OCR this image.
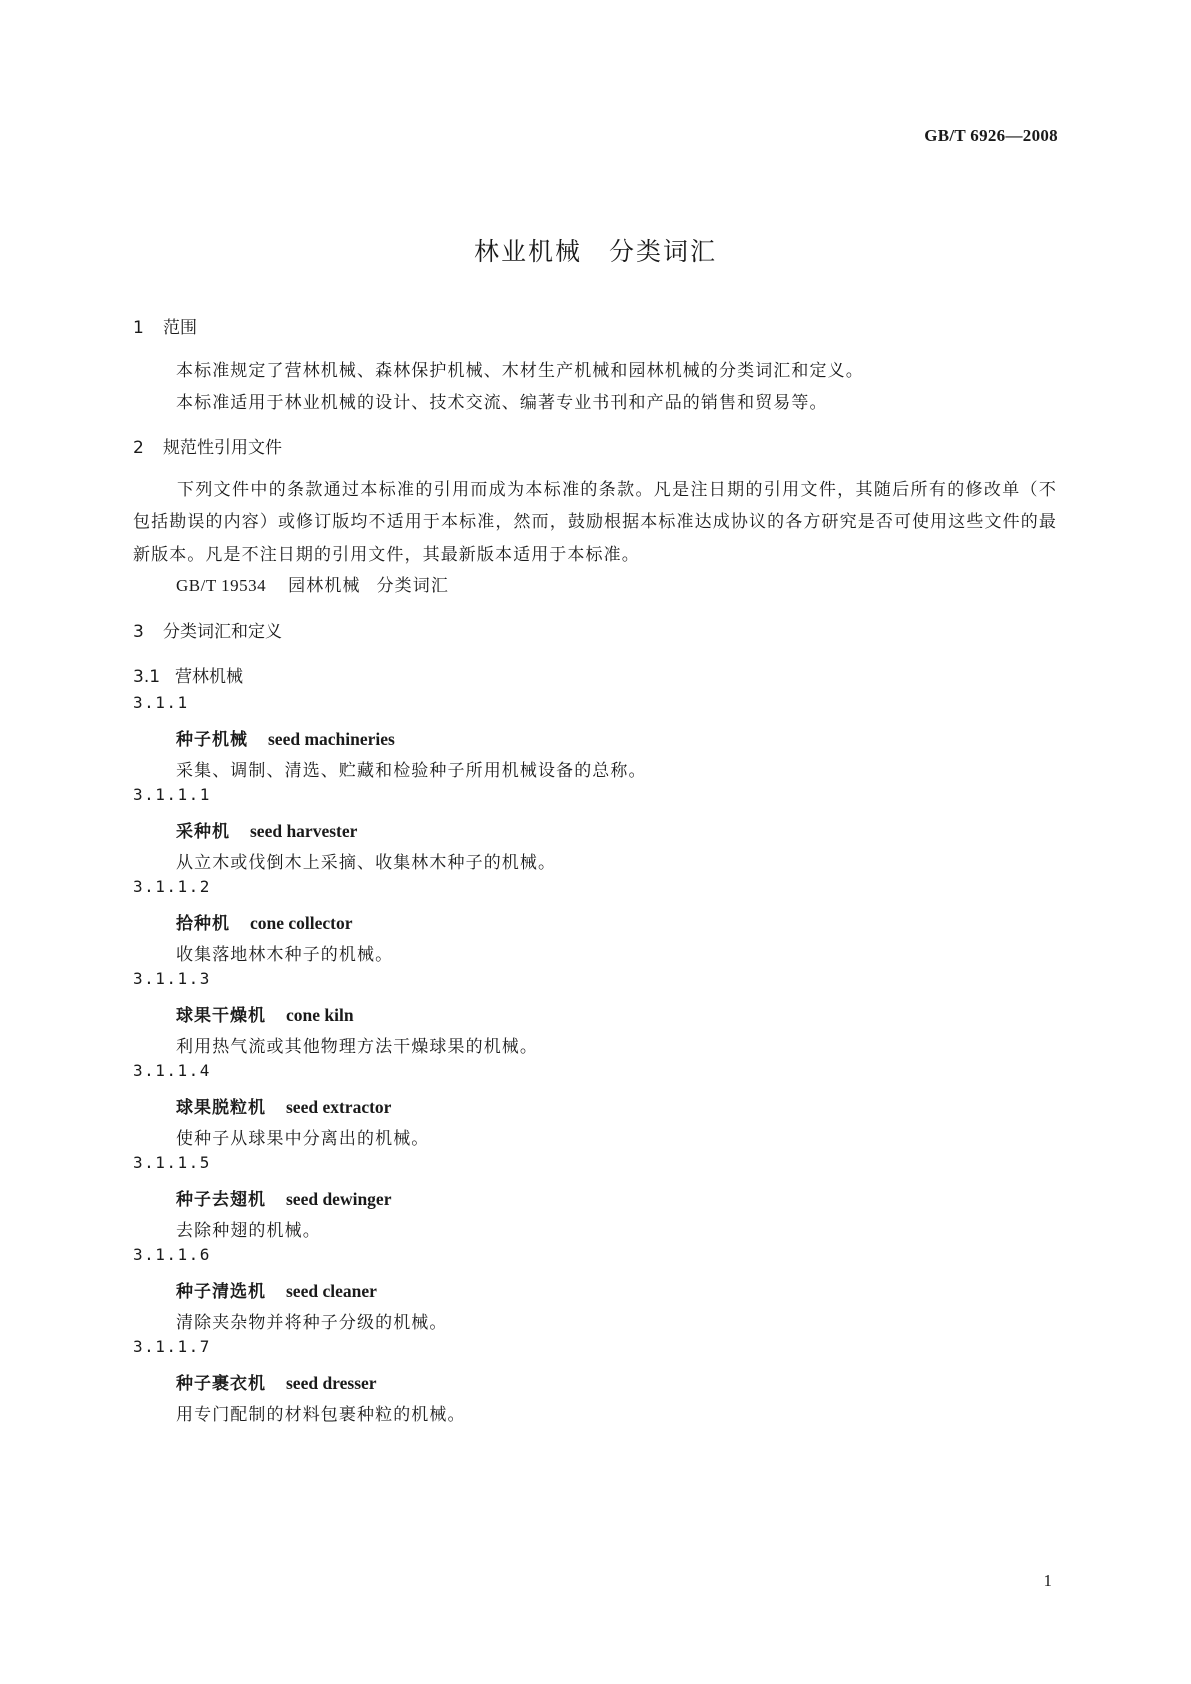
GB/T 6926—2008
林业机械　分类词汇
1 范围
本标准规定了营林机械、森林保护机械、木材生产机械和园林机械的分类词汇和定义。
本标准适用于林业机械的设计、技术交流、编著专业书刊和产品的销售和贸易等。
2 规范性引用文件
下列文件中的条款通过本标准的引用而成为本标准的条款。凡是注日期的引用文件，其随后所有的修改单（不包括勘误的内容）或修订版均不适用于本标准，然而，鼓励根据本标准达成协议的各方研究是否可使用这些文件的最新版本。凡是不注日期的引用文件，其最新版本适用于本标准。
GB/T 19534 园林机械 分类词汇
3 分类词汇和定义
3.1 营林机械
3.1.1
种子机械 seed machineries
采集、调制、清选、贮藏和检验种子所用机械设备的总称。
3.1.1.1
采种机 seed harvester
从立木或伐倒木上采摘、收集林木种子的机械。
3.1.1.2
拾种机 cone collector
收集落地林木种子的机械。
3.1.1.3
球果干燥机 cone kiln
利用热气流或其他物理方法干燥球果的机械。
3.1.1.4
球果脱粒机 seed extractor
使种子从球果中分离出的机械。
3.1.1.5
种子去翅机 seed dewinger
去除种翅的机械。
3.1.1.6
种子清选机 seed cleaner
清除夹杂物并将种子分级的机械。
3.1.1.7
种子裹衣机 seed dresser
用专门配制的材料包裹种粒的机械。
1
